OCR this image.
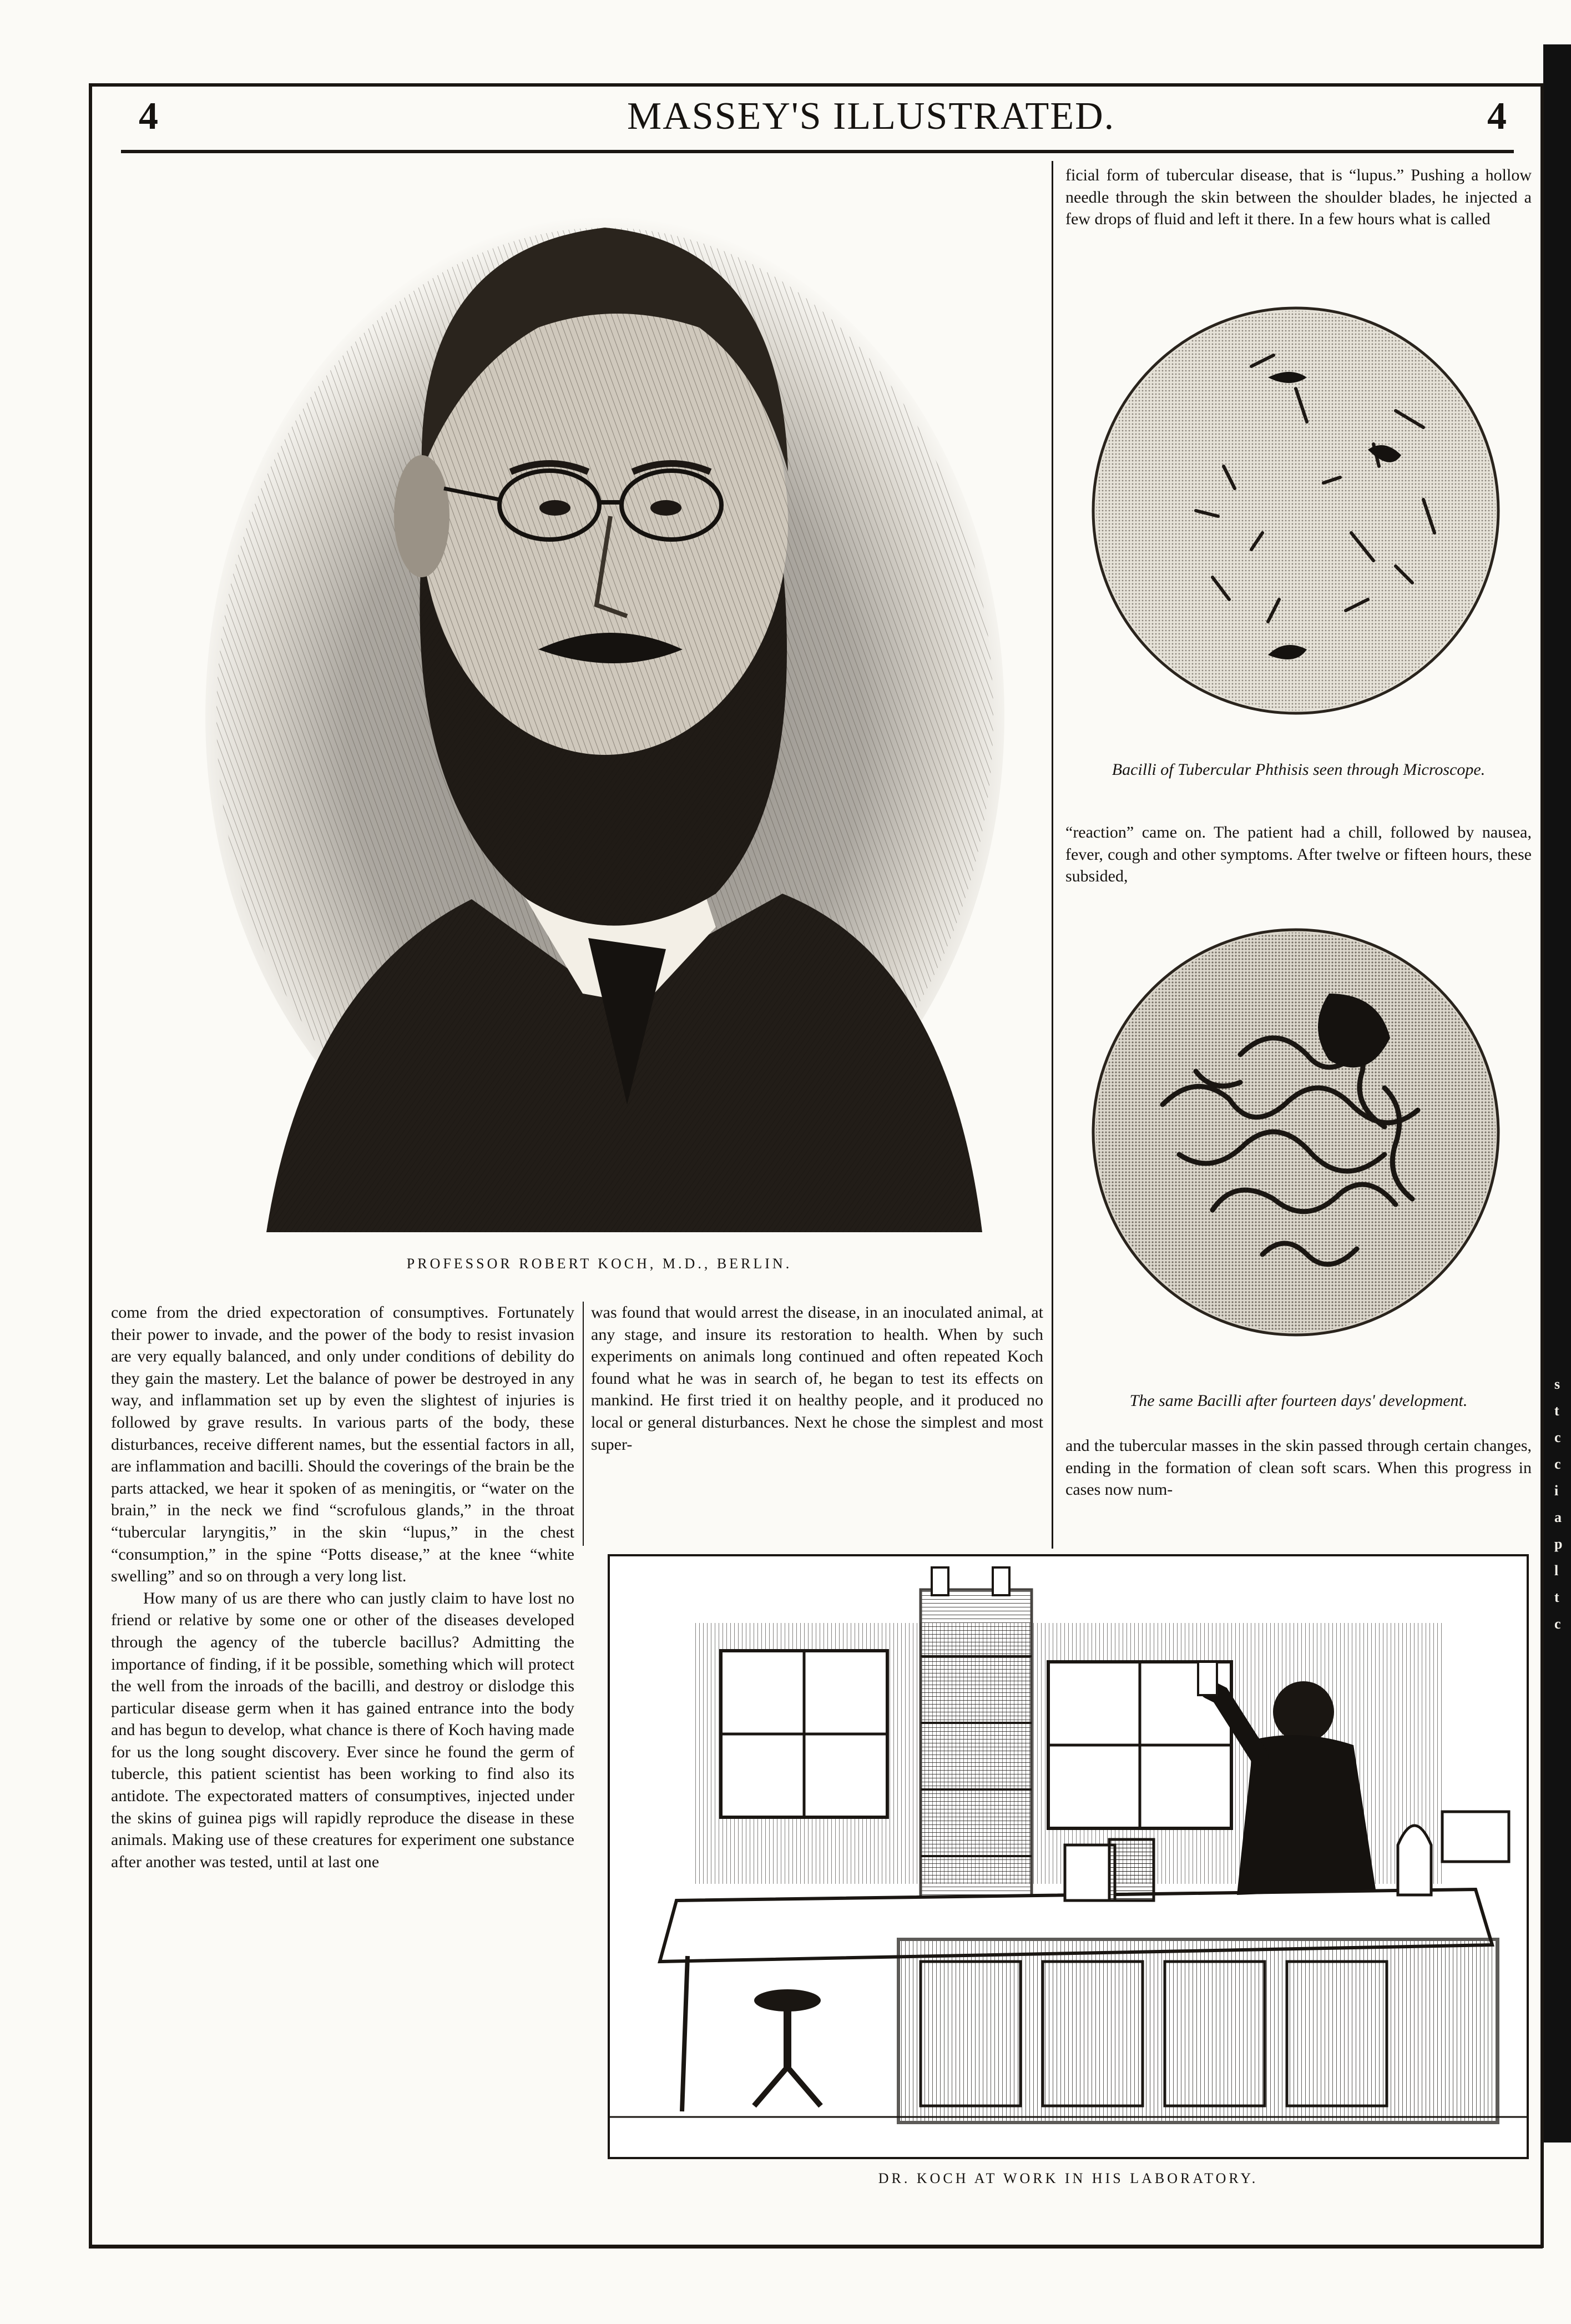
s
t
c
c
i
a
p
l
t
c
4	MASSEY'S ILLUSTRATED.	4
PROFESSOR ROBERT KOCH, M.D., BERLIN.

ficial form of tubercular disease, that is “lupus.” Pushing a hollow needle through the skin between the shoulder blades, he injected a few drops of fluid and left it there. In a few hours what is called

Bacilli of Tubercular Phthisis seen through Microscope.

“reaction” came on. The patient had a chill, followed by nausea, fever, cough and other symptoms. After twelve or fifteen hours, these subsided,

The same Bacilli after fourteen days' development.

and the tubercular masses in the skin passed through certain changes, ending in the formation of clean soft scars. When this progress in cases now num-

come from the dried expectoration of consumptives. Fortunately their power to invade, and the power of the body to resist invasion are very equally balanced, and only under conditions of debility do they gain the mastery. Let the balance of power be destroyed in any way, and inflammation set up by even the slightest of injuries is followed by grave results. In various parts of the body, these disturbances, receive different names, but the essential factors in all, are inflammation and bacilli. Should the coverings of the brain be the parts attacked, we hear it spoken of as meningitis, or “water on the brain,” in the neck we find “scrofulous glands,” in the throat “tubercular laryngitis,” in the skin “lupus,” in the chest “consumption,” in the spine “Potts disease,” at the knee “white swelling” and so on through a very long list.

How many of us are there who can justly claim to have lost no friend or relative by some one or other of the diseases developed through the agency of the tubercle bacillus? Admitting the importance of finding, if it be possible, something which will protect the well from the inroads of the bacilli, and destroy or dislodge this particular disease germ when it has gained entrance into the body and has begun to develop, what chance is there of Koch having made for us the long sought discovery. Ever since he found the germ of tubercle, this patient scientist has been working to find also its antidote. The expectorated matters of consumptives, injected under the skins of guinea pigs will rapidly reproduce the disease in these animals. Making use of these creatures for experiment one substance after another was tested, until at last one

was found that would arrest the disease, in an inoculated animal, at any stage, and insure its restoration to health. When by such experiments on animals long continued and often repeated Koch found what he was in search of, he began to test its effects on mankind. He first tried it on healthy people, and it produced no local or general disturbances. Next he chose the simplest and most super-

DR. KOCH AT WORK IN HIS LABORATORY.
